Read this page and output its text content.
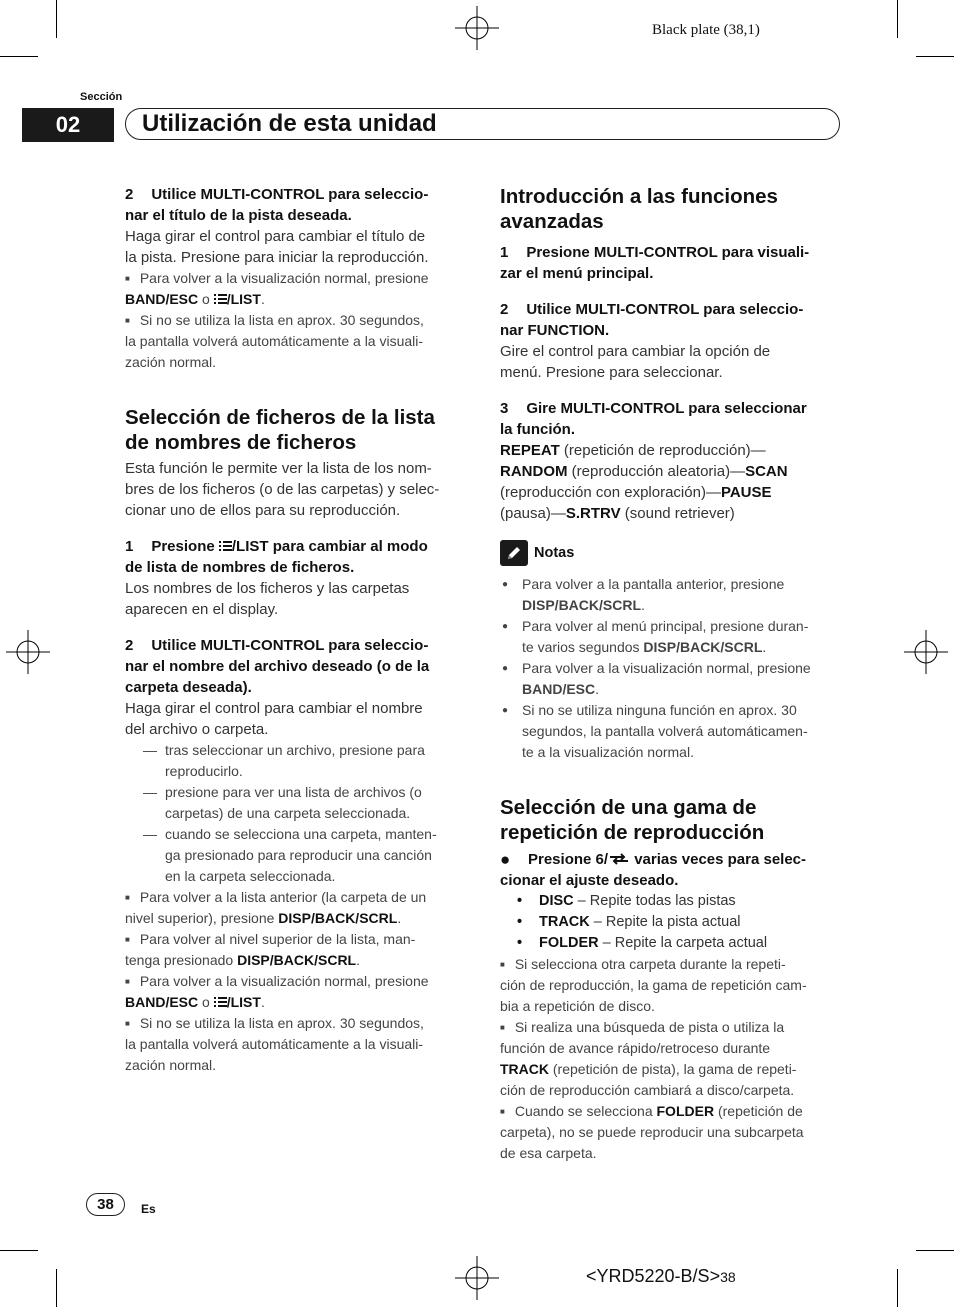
Black plate (38,1)
Sección
02	Utilización de esta unidad

2 Utilice MULTI-CONTROL para seleccio-

nar el título de la pista deseada.

Haga girar el control para cambiar el título de

la pista. Presione para iniciar la reproducción.

■ Para volver a la visualización normal, presione

BAND/ESC o /LIST.

■ Si no se utiliza la lista en aprox. 30 segundos,

la pantalla volverá automáticamente a la visuali-

zación normal.

Selección de ficheros de la lista

de nombres de ficheros

Esta función le permite ver la lista de los nom-

bres de los ficheros (o de las carpetas) y selec-

cionar uno de ellos para su reproducción.

1 Presione /LIST para cambiar al modo

de lista de nombres de ficheros.

Los nombres de los ficheros y las carpetas

aparecen en el display.

2 Utilice MULTI-CONTROL para seleccio-

nar el nombre del archivo deseado (o de la

carpeta deseada).

Haga girar el control para cambiar el nombre

del archivo o carpeta.

— tras seleccionar un archivo, presione para

reproducirlo.

— presione para ver una lista de archivos (o

carpetas) de una carpeta seleccionada.

— cuando se selecciona una carpeta, manten-

ga presionado para reproducir una canción

en la carpeta seleccionada.

■ Para volver a la lista anterior (la carpeta de un

nivel superior), presione DISP/BACK/SCRL.

■ Para volver al nivel superior de la lista, man-

tenga presionado DISP/BACK/SCRL.

■ Para volver a la visualización normal, presione

BAND/ESC o /LIST.

■ Si no se utiliza la lista en aprox. 30 segundos,

la pantalla volverá automáticamente a la visuali-

zación normal.

Introducción a las funciones

avanzadas

1 Presione MULTI-CONTROL para visuali-

zar el menú principal.

2 Utilice MULTI-CONTROL para seleccio-

nar FUNCTION.

Gire el control para cambiar la opción de

menú. Presione para seleccionar.

3 Gire MULTI-CONTROL para seleccionar

la función.

REPEAT (repetición de reproducción)—

RANDOM (reproducción aleatoria)—SCAN

(reproducción con exploración)—PAUSE

(pausa)—S.RTRV (sound retriever)

Notas

● Para volver a la pantalla anterior, presione

DISP/BACK/SCRL.

● Para volver al menú principal, presione duran-

te varios segundos DISP/BACK/SCRL.

● Para volver a la visualización normal, presione

BAND/ESC.

● Si no se utiliza ninguna función en aprox. 30

segundos, la pantalla volverá automáticamen-

te a la visualización normal.

Selección de una gama de

repetición de reproducción

● Presione 6/ varias veces para selec-

cionar el ajuste deseado.

• DISC – Repite todas las pistas

• TRACK – Repite la pista actual

• FOLDER – Repite la carpeta actual

■ Si selecciona otra carpeta durante la repeti-

ción de reproducción, la gama de repetición cam-

bia a repetición de disco.

■ Si realiza una búsqueda de pista o utiliza la

función de avance rápido/retroceso durante

TRACK (repetición de pista), la gama de repeti-

ción de reproducción cambiará a disco/carpeta.

■ Cuando se selecciona FOLDER (repetición de

carpeta), no se puede reproducir una subcarpeta

de esa carpeta.

38	Es
<YRD5220-B/S>38
